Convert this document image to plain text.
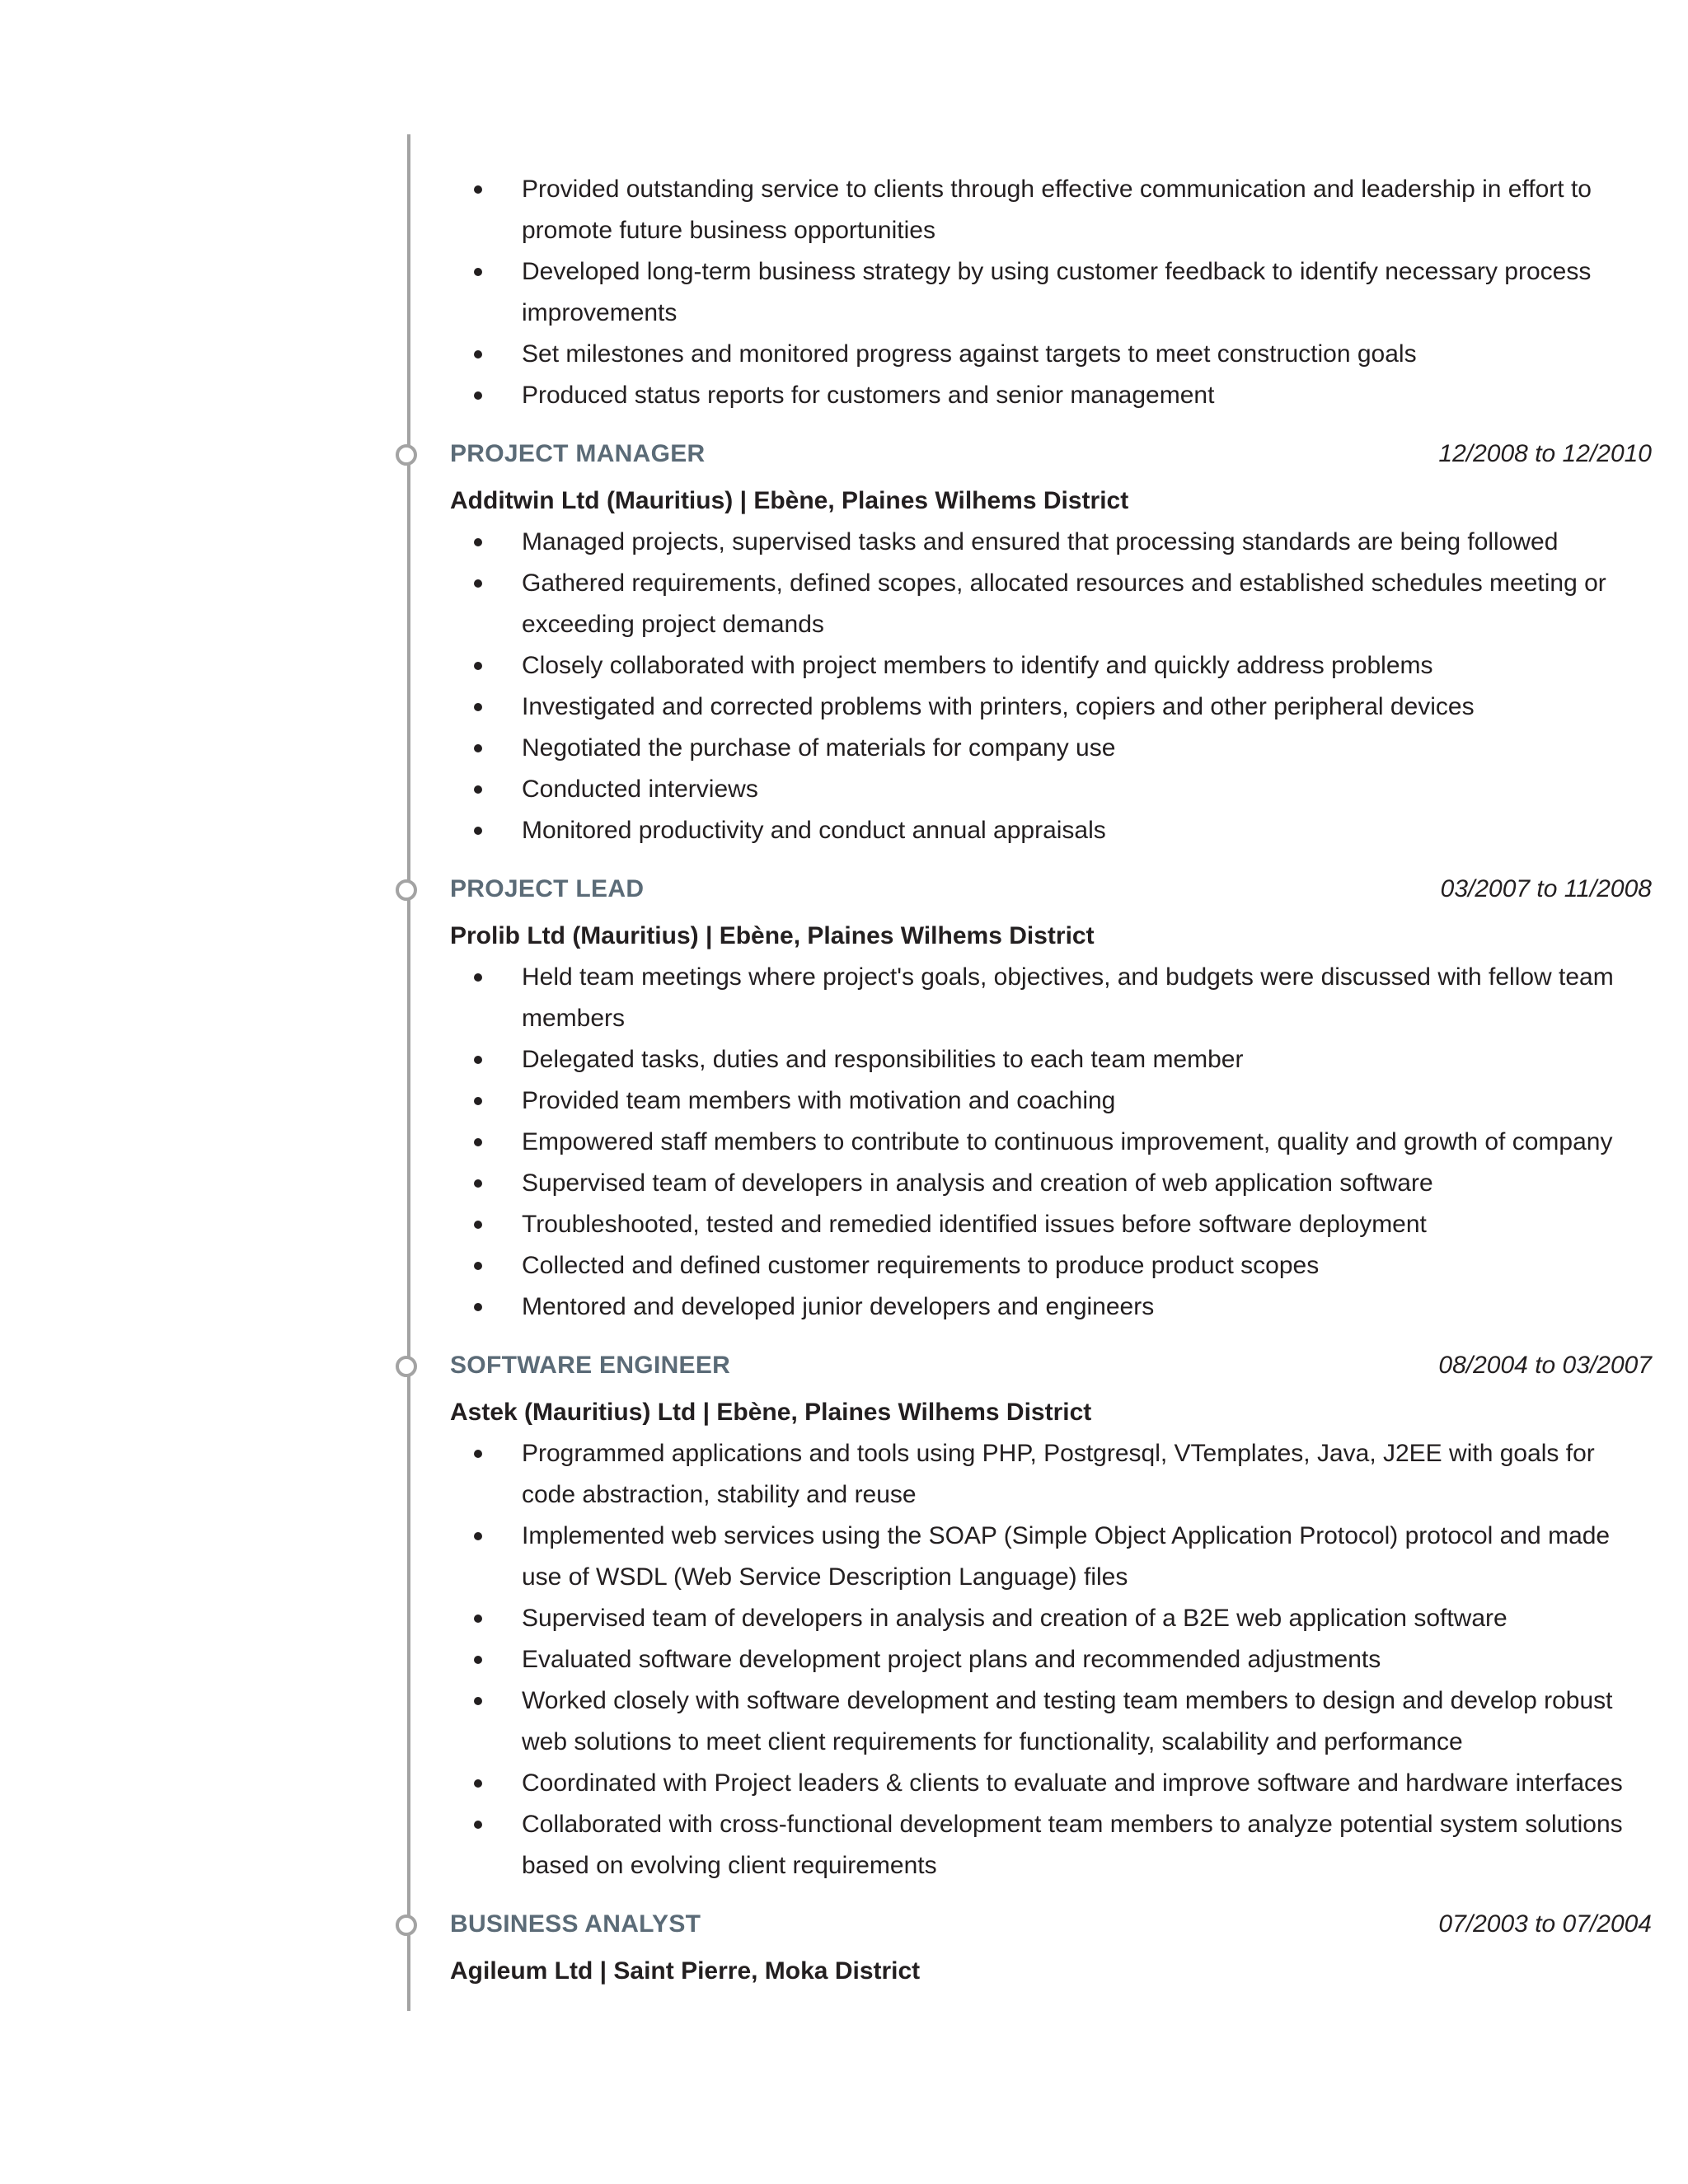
Provided outstanding service to clients through effective communication and leadership in effort to promote future business opportunities
Developed long-term business strategy by using customer feedback to identify necessary process improvements
Set milestones and monitored progress against targets to meet construction goals
Produced status reports for customers and senior management
PROJECT MANAGER	12/2008 to 12/2010
Additwin Ltd (Mauritius) | Ebène, Plaines Wilhems District
Managed projects, supervised tasks and ensured that processing standards are being followed
Gathered requirements, defined scopes, allocated resources and established schedules meeting or exceeding project demands
Closely collaborated with project members to identify and quickly address problems
Investigated and corrected problems with printers, copiers and other peripheral devices
Negotiated the purchase of materials for company use
Conducted interviews
Monitored productivity and conduct annual appraisals
PROJECT LEAD	03/2007 to 11/2008
Prolib Ltd (Mauritius) | Ebène, Plaines Wilhems District
Held team meetings where project's goals, objectives, and budgets were discussed with fellow team members
Delegated tasks, duties and responsibilities to each team member
Provided team members with motivation and coaching
Empowered staff members to contribute to continuous improvement, quality and growth of company
Supervised team of developers in analysis and creation of web application software
Troubleshooted, tested and remedied identified issues before software deployment
Collected and defined customer requirements to produce product scopes
Mentored and developed junior developers and engineers
SOFTWARE ENGINEER	08/2004 to 03/2007
Astek (Mauritius) Ltd | Ebène, Plaines Wilhems District
Programmed applications and tools using PHP, Postgresql, VTemplates, Java, J2EE with goals for code abstraction, stability and reuse
Implemented web services using the SOAP (Simple Object Application Protocol) protocol and made use of WSDL (Web Service Description Language) files
Supervised team of developers in analysis and creation of a B2E web application software
Evaluated software development project plans and recommended adjustments
Worked closely with software development and testing team members to design and develop robust web solutions to meet client requirements for functionality, scalability and performance
Coordinated with Project leaders & clients to evaluate and improve software and hardware interfaces
Collaborated with cross-functional development team members to analyze potential system solutions based on evolving client requirements
BUSINESS ANALYST	07/2003 to 07/2004
Agileum Ltd | Saint Pierre, Moka District
